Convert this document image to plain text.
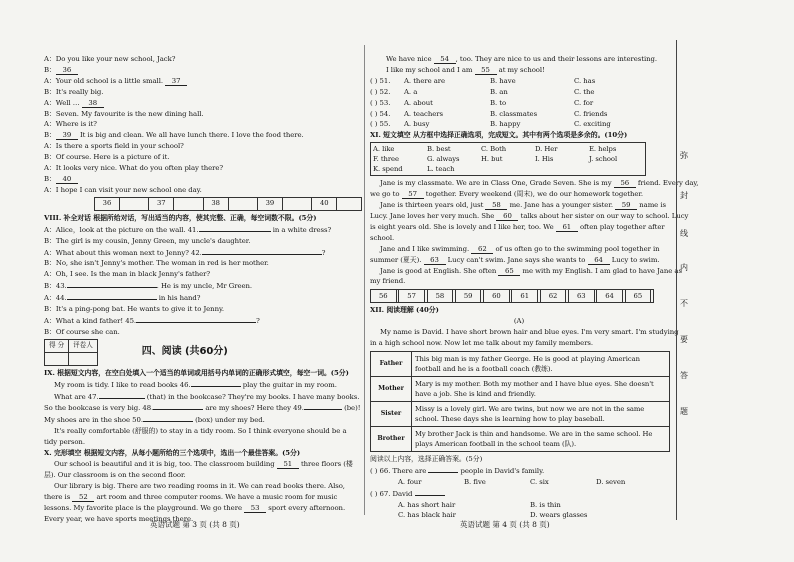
A：Do you like your new school, Jack?
B： 36
A：Your old school is a little small. 37
B：It's really big.
A：Well … 38
B：Seven. My favourite is the new dining hall.
A：Where is it?
B： 39 It is big and clean. We all have lunch there. I love the food there.
A：Is there a sports field in your school?
B：Of course. Here is a picture of it.
A：It looks very nice. What do you often play there?
B： 40
A：I hope I can visit your new school one day.
36		37		38		39		40	
VIII. 补全对话 根据所给对话，写出适当的内容，使其完整、正确，每空词数不限。(5分)
A：Alice，look at the picture on the wall. 41.	in a white dress?
B：The girl is my cousin, Jenny Green, my uncle's daughter.
A：What about this woman next to Jenny? 42.	?
B：No, she isn't Jenny's mother. The woman in red is her mother.
A：Oh, I see. Is the man in black Jenny's father?
B：43.	. He is my uncle, Mr Green.
A：44.	in his hand?
B：It's a ping-pong bat. He wants to give it to Jenny.
A：What a kind father! 45.	?
B：Of course she can.
得 分	评卷人

四、阅读 (共60分)
IX. 根据短文内容，在空白处填入一个适当的单词或用括号内单词的正确形式填空，每空一词。(5分)
My room is tidy. I like to read books 46.	play the guitar in my room.
What are 47.	(that) in the bookcase? They're my books. I have many books.
So the bookcase is very big. 48.	are my shoes? Here they 49.	(be)!
My shoes are in the shoe 50.	(box) under my bed.
It's really comfortable (舒服的) to stay in a tidy room. So I think everyone should be a
tidy person.
X. 完形填空 根据短文内容，从每小题所给的三个选项中，选出一个最佳答案。(5分)
Our school is beautiful and it is big, too. The classroom building 51 three floors (楼
层). Our classroom is on the second floor.
Our library is big. There are two reading rooms in it. We can read books there. Also,
there is 52 art room and three computer rooms. We have a music room for music
lessons. My favorite place is the playground. We go there 53 sport every afternoon.
Every year, we have sports meetings there.
We have nice 54 , too. They are nice to us and their lessons are interesting.
I like my school and I am 55 at my school!
( ) 51.	A. there are	B. have	C. has
( ) 52.	A. a	B. an	C. the
( ) 53.	A. about	B. to	C. for
( ) 54.	A. teachers	B. classmates	C. friends
( ) 55.	A. busy	B. happy	C. exciting
XI. 短文填空 从方框中选择正确选项，完成短文。其中有两个选项是多余的。(10分)
A. like	B. best	C. Both	D. Her	E. helps
F. three	G. always	H. but	I. His	J. school
K. spend	L. teach
Jane is my classmate. We are in Class One, Grade Seven. She is my 56 friend. Every day,
we go to 57 together. Every weekend (周末), we do our homework together.
Jane is thirteen years old, just 58 me. Jane has a younger sister. 59 name is
Lucy. Jane loves her very much. She 60 talks about her sister on our way to school. Lucy
is eight years old. She is lovely and I like her, too. We 61 often play together after
school.
Jane and I like swimming. 62 of us often go to the swimming pool together in
summer (夏天). 63 Lucy can't swim. Jane says she wants to 64 Lucy to swim.
Jane is good at English. She often 65 me with my English. I am glad to have Jane as
my friend.
56		57		58		59		60		61		62		63		64		65	
XII. 阅读理解 (40分)
(A)
My name is David. I have short brown hair and blue eyes. I'm very smart. I'm studying
in a high school now. Now let me talk about my family members.
Father	This big man is my father George. He is good at playing American football and he is a football coach (教练).
Mother	Mary is my mother. Both my mother and I have blue eyes. She doesn't have a job. She is kind and friendly.
Sister	Missy is a lovely girl. We are twins, but now we are not in the same school. These days she is learning how to play baseball.
Brother	My brother Jack is thin and handsome. We are in the same school. He plays American football in the school team (队).
阅读以上内容，选择正确答案。(5分)
( ) 66. There are	people in David's family.
A. four	B. five	C. six	D. seven
( ) 67. David
A. has short hair	B. is thin
C. has black hair	D. wears glasses
英语试题 第 3 页 (共 8 页)	英语试题 第 4 页 (共 8 页)
弥
封
线
内
不
要
答
题
